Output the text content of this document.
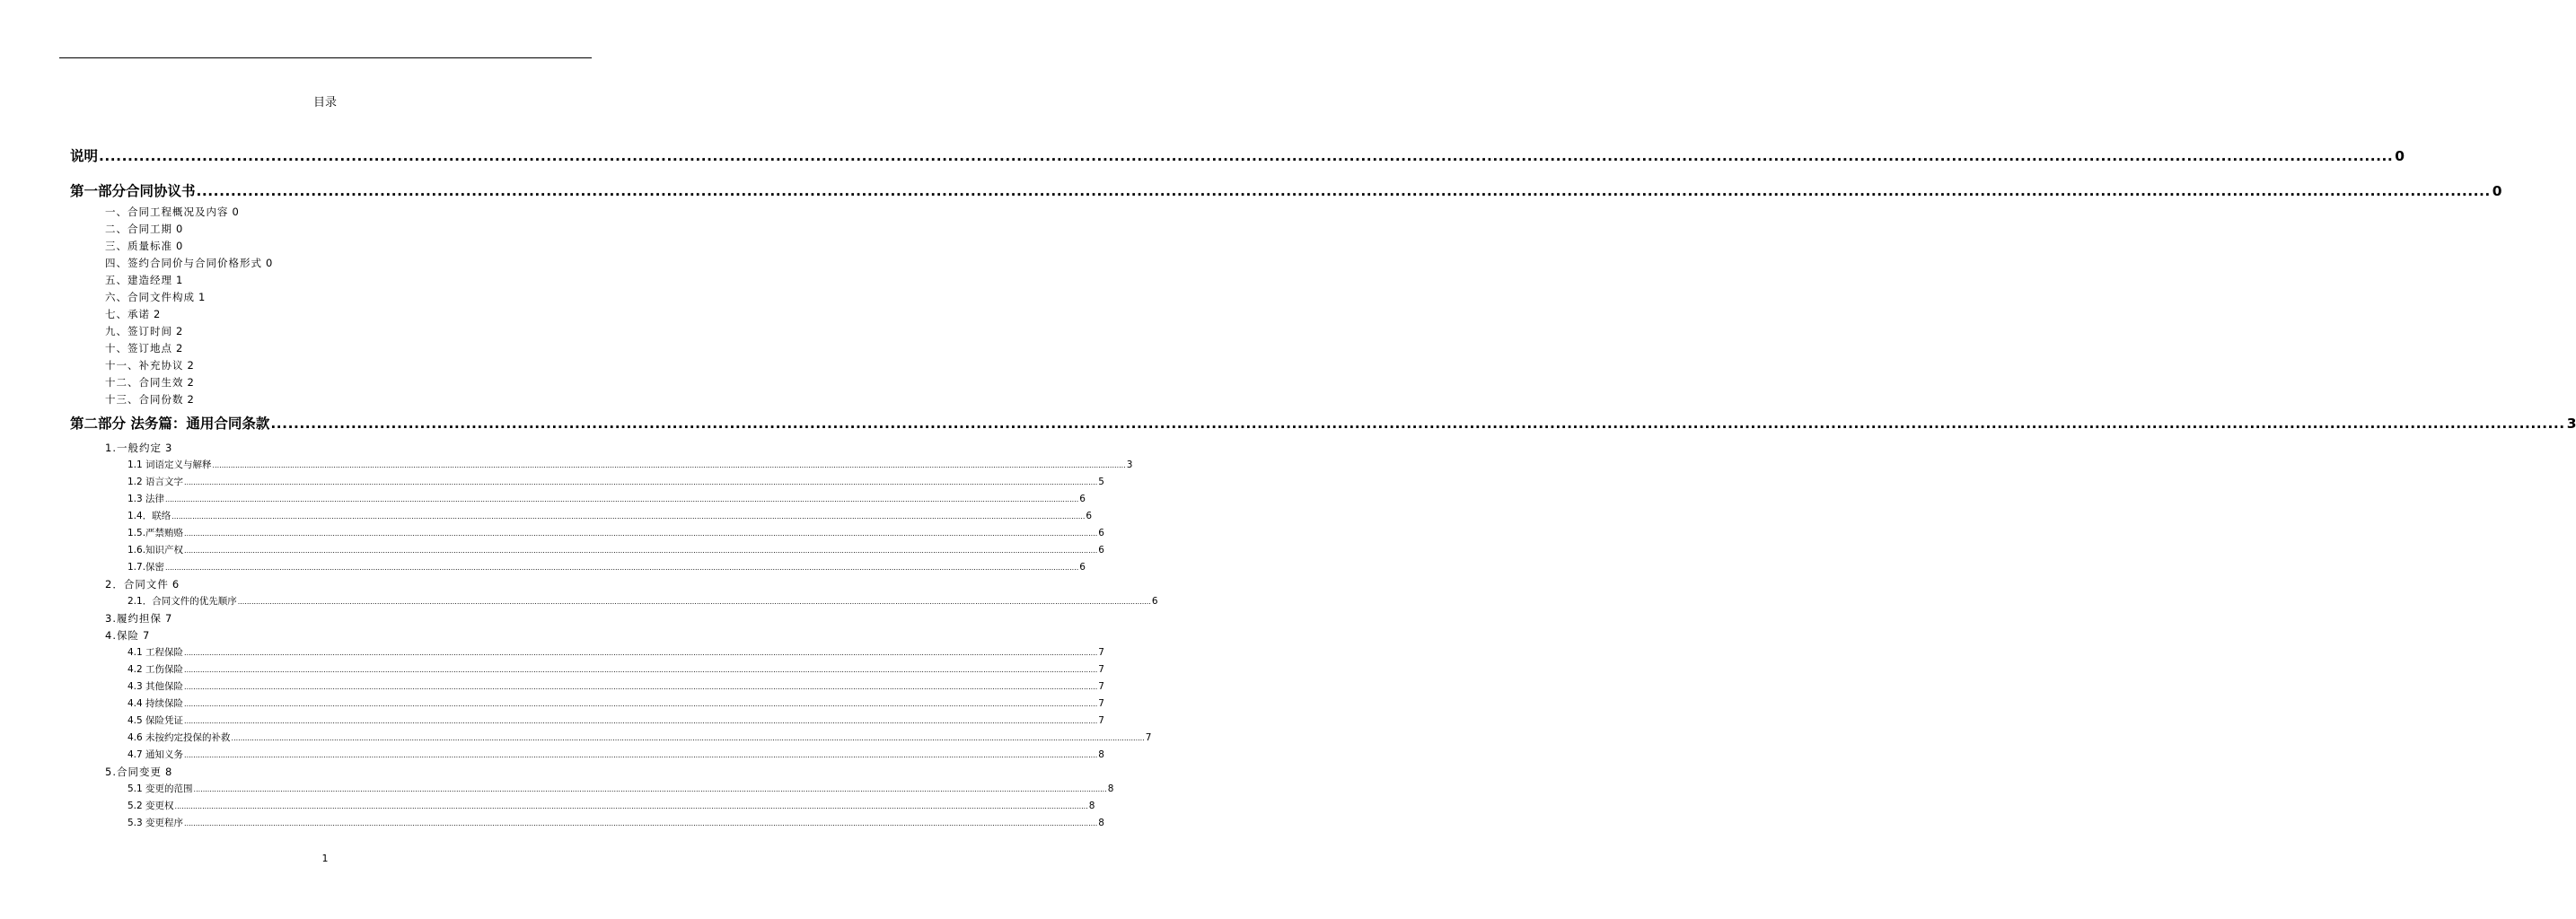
目录
说明 ................................................................................................................................................................................................................................................................................................................................................................................................................ 0
第一部分合同协议书 ................................................................................................................................................................................................................................................................................................................................................................................................................ 0
一、合同工程概况及内容 0
二、合同工期 0
三、质量标准 0
四、签约合同价与合同价格形式 0
五、建造经理 1
六、合同文件构成 1
七、承诺 2
九、签订时间 2
十、签订地点 2
十一、补充协议 2
十二、合同生效 2
十三、合同份数 2
第二部分 法务篇：通用合同条款 ................................................................................................................................................................................................................................................................................................................................................................................................................ 3
1.一般约定 3
1.1 词语定义与解释 ................................................................................................................................................................................................................................................................................................................................................................................................................ 3
1.2 语言文字 ................................................................................................................................................................................................................................................................................................................................................................................................................ 5
1.3 法律 ................................................................................................................................................................................................................................................................................................................................................................................................................ 6
1.4．联络 ................................................................................................................................................................................................................................................................................................................................................................................................................ 6
1.5.严禁贿赂 ................................................................................................................................................................................................................................................................................................................................................................................................................ 6
1.6.知识产权 ................................................................................................................................................................................................................................................................................................................................................................................................................ 6
1.7.保密 ................................................................................................................................................................................................................................................................................................................................................................................................................ 6
2．合同文件 6
2.1．合同文件的优先顺序 ................................................................................................................................................................................................................................................................................................................................................................................................................ 6
3.履约担保 7
4.保险 7
4.1 工程保险 ................................................................................................................................................................................................................................................................................................................................................................................................................ 7
4.2 工伤保险 ................................................................................................................................................................................................................................................................................................................................................................................................................ 7
4.3 其他保险 ................................................................................................................................................................................................................................................................................................................................................................................................................ 7
4.4 持续保险 ................................................................................................................................................................................................................................................................................................................................................................................................................ 7
4.5 保险凭证 ................................................................................................................................................................................................................................................................................................................................................................................................................ 7
4.6 未按约定投保的补救 ................................................................................................................................................................................................................................................................................................................................................................................................................ 7
4.7 通知义务 ................................................................................................................................................................................................................................................................................................................................................................................................................ 8
5.合同变更 8
5.1 变更的范围 ................................................................................................................................................................................................................................................................................................................................................................................................................ 8
5.2 变更权 ................................................................................................................................................................................................................................................................................................................................................................................................................ 8
5.3 变更程序 ................................................................................................................................................................................................................................................................................................................................................................................................................ 8
1
